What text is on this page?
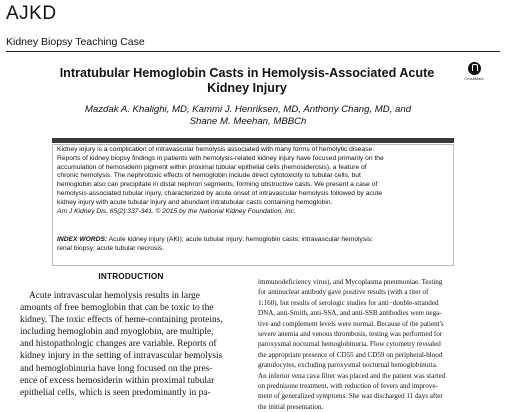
AJKD
Kidney Biopsy Teaching Case
Intratubular Hemoglobin Casts in Hemolysis-Associated Acute
Kidney Injury
CrossMark
Mazdak A. Khalighi, MD, Kammi J. Henriksen, MD, Anthony Chang, MD, and
Shane M. Meehan, MBBCh
Kidney injury is a complication of intravascular hemolysis associated with many forms of hemolytic disease.
Reports of kidney biopsy findings in patients with hemolysis-related kidney injury have focused primarily on the
accumulation of hemosiderin pigment within proximal tubular epithelial cells (hemosiderosis), a feature of
chronic hemolysis. The nephrotoxic effects of hemoglobin include direct cytotoxicity to tubular cells, but
hemoglobin also can precipitate in distal nephron segments, forming obstructive casts. We present a case of
hemolysis-associated tubular injury, characterized by acute onset of intravascular hemolysis followed by acute
kidney injury with acute tubular injury and abundant intratubular casts containing hemoglobin.
Am J Kidney Dis. 65(2):337-341. © 2015 by the National Kidney Foundation, Inc.
INDEX WORDS: Acute kidney injury (AKI); acute tubular injury; hemoglobin casts; intravascular hemolysis;
renal biopsy; acute tubular necrosis.
INTRODUCTION
Acute intravascular hemolysis results in large
amounts of free hemoglobin that can be toxic to the
kidney. The toxic effects of heme-containing proteins,
including hemoglobin and myoglobin, are multiple,
and histopathologic changes are variable. Reports of
kidney injury in the setting of intravascular hemolysis
and hemoglobinuria have long focused on the pres-
ence of excess hemosiderin within proximal tubular
epithelial cells, which is seen predominantly in pa-
immunodeficiency virus), and Mycoplasma pneumoniae. Testing
for antinuclear antibody gave positive results (with a titer of
1:160), but results of serologic studies for anti−double-stranded
DNA, anti-Smith, anti-SSA, and anti-SSB antibodies were nega-
tive and complement levels were normal. Because of the patient's
severe anemia and venous thrombosis, testing was performed for
paroxysmal nocturnal hemoglobinuria. Flow cytometry revealed
the appropriate presence of CD55 and CD59 on peripheral-blood
granulocytes, excluding paroxysmal nocturnal hemoglobinuria.
An inferior vena cava filter was placed and the patient was started
on prednisone treatment, with reduction of fevers and improve-
ment of generalized symptoms. She was discharged 11 days after
the initial presentation.
